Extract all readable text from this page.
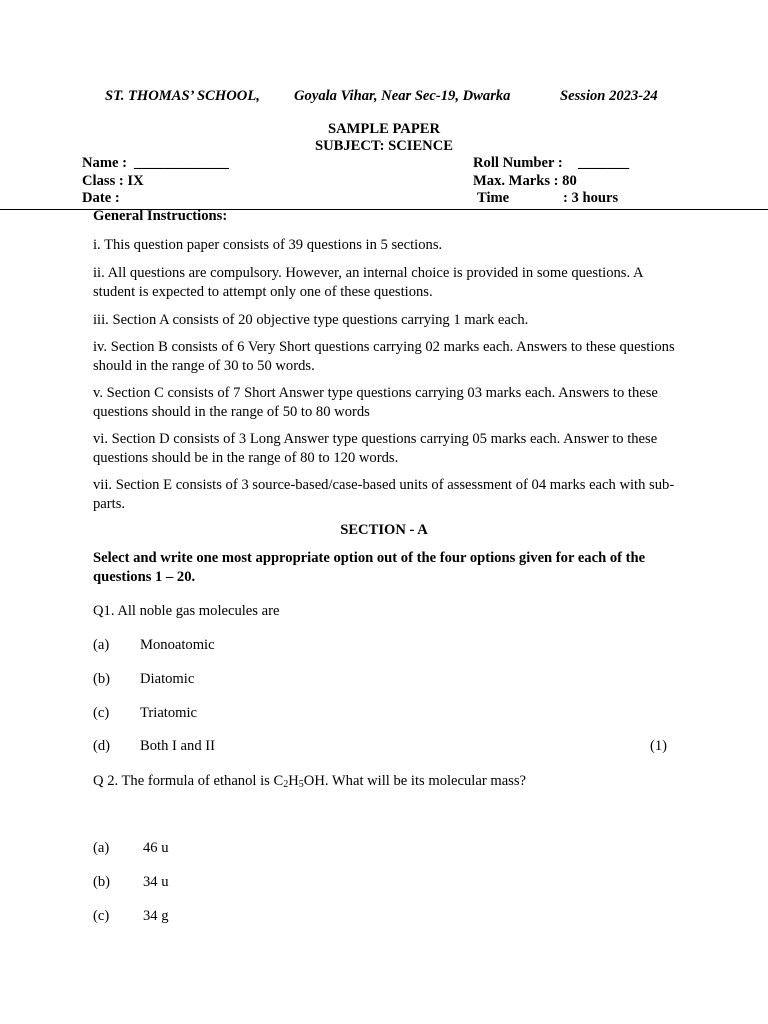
ST. THOMAS’ SCHOOL, Goyala Vihar, Near Sec-19, Dwarka	Session 2023-24
SAMPLE PAPER
SUBJECT: SCIENCE
Name : _____________
Class : IX
Date :
Roll Number : _______
Max. Marks : 80
Time	: 3 hours
General Instructions:
i. This question paper consists of 39 questions in 5 sections.
ii. All questions are compulsory. However, an internal choice is provided in some questions. A student is expected to attempt only one of these questions.
iii. Section A consists of 20 objective type questions carrying 1 mark each.
iv. Section B consists of 6 Very Short questions carrying 02 marks each. Answers to these questions should in the range of 30 to 50 words.
v. Section C consists of 7 Short Answer type questions carrying 03 marks each. Answers to these questions should in the range of 50 to 80 words
vi. Section D consists of 3 Long Answer type questions carrying 05 marks each. Answer to these questions should be in the range of 80 to 120 words.
vii. Section E consists of 3 source-based/case-based units of assessment of 04 marks each with sub-parts.
SECTION - A
Select and write one most appropriate option out of the four options given for each of the questions 1 – 20.
Q1. All noble gas molecules are
(a) Monoatomic
(b) Diatomic
(c) Triatomic
(d) Both I and II	(1)
Q 2. The formula of ethanol is $C_2H_5OH$. What will be its molecular mass?
(a) 46 u
(b) 34 u
(c) 34 g
